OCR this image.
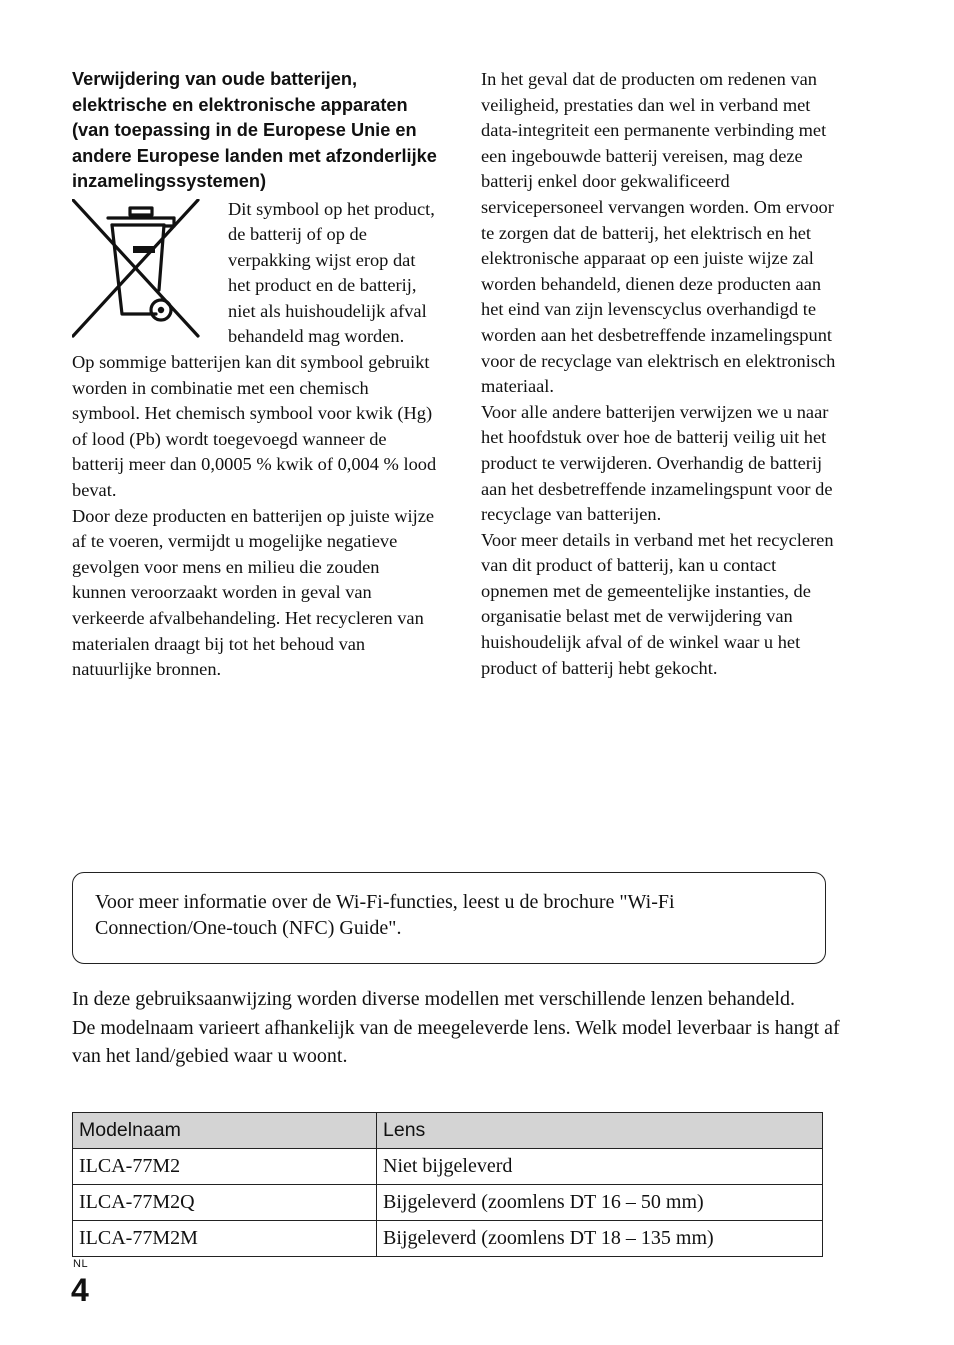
Verwijdering van oude batterijen, elektrische en elektronische apparaten (van toepassing in de Europese Unie en andere Europese landen met afzonderlijke inzamelingssystemen)

Dit symbool op het product, de batterij of op de verpakking wijst erop dat het product en de batterij, niet als huishoudelijk afval behandeld mag worden.

Op sommige batterijen kan dit symbool gebruikt worden in combinatie met een chemisch symbool. Het chemisch symbool voor kwik (Hg) of lood (Pb) wordt toegevoegd wanneer de batterij meer dan 0,0005 % kwik of 0,004 % lood bevat.

Door deze producten en batterijen op juiste wijze af te voeren, vermijdt u mogelijke negatieve gevolgen voor mens en milieu die zouden kunnen veroorzaakt worden in geval van verkeerde afvalbehandeling. Het recycleren van materialen draagt bij tot het behoud van natuurlijke bronnen.

In het geval dat de producten om redenen van veiligheid, prestaties dan wel in verband met data-integriteit een permanente verbinding met een ingebouwde batterij vereisen, mag deze batterij enkel door gekwalificeerd servicepersoneel vervangen worden. Om ervoor te zorgen dat de batterij, het elektrisch en het elektronische apparaat op een juiste wijze zal worden behandeld, dienen deze producten aan het eind van zijn levenscyclus overhandigd te worden aan het desbetreffende inzamelingspunt voor de recyclage van elektrisch en elektronisch materiaal.

Voor alle andere batterijen verwijzen we u naar het hoofdstuk over hoe de batterij veilig uit het product te verwijderen. Overhandig de batterij aan het desbetreffende inzamelingspunt voor de recyclage van batterijen.

Voor meer details in verband met het recycleren van dit product of batterij, kan u contact opnemen met de gemeentelijke instanties, de organisatie belast met de verwijdering van huishoudelijk afval of de winkel waar u het product of batterij hebt gekocht.

Voor meer informatie over de Wi-Fi-functies, leest u de brochure "Wi-Fi Connection/One-touch (NFC) Guide".

In deze gebruiksaanwijzing worden diverse modellen met verschillende lenzen behandeld.

De modelnaam varieert afhankelijk van de meegeleverde lens. Welk model leverbaar is hangt af van het land/gebied waar u woont.

Modelnaam	Lens
ILCA-77M2	Niet bijgeleverd
ILCA-77M2Q	Bijgeleverd (zoomlens DT 16 – 50 mm)
ILCA-77M2M	Bijgeleverd (zoomlens DT 18 – 135 mm)
NL
4
